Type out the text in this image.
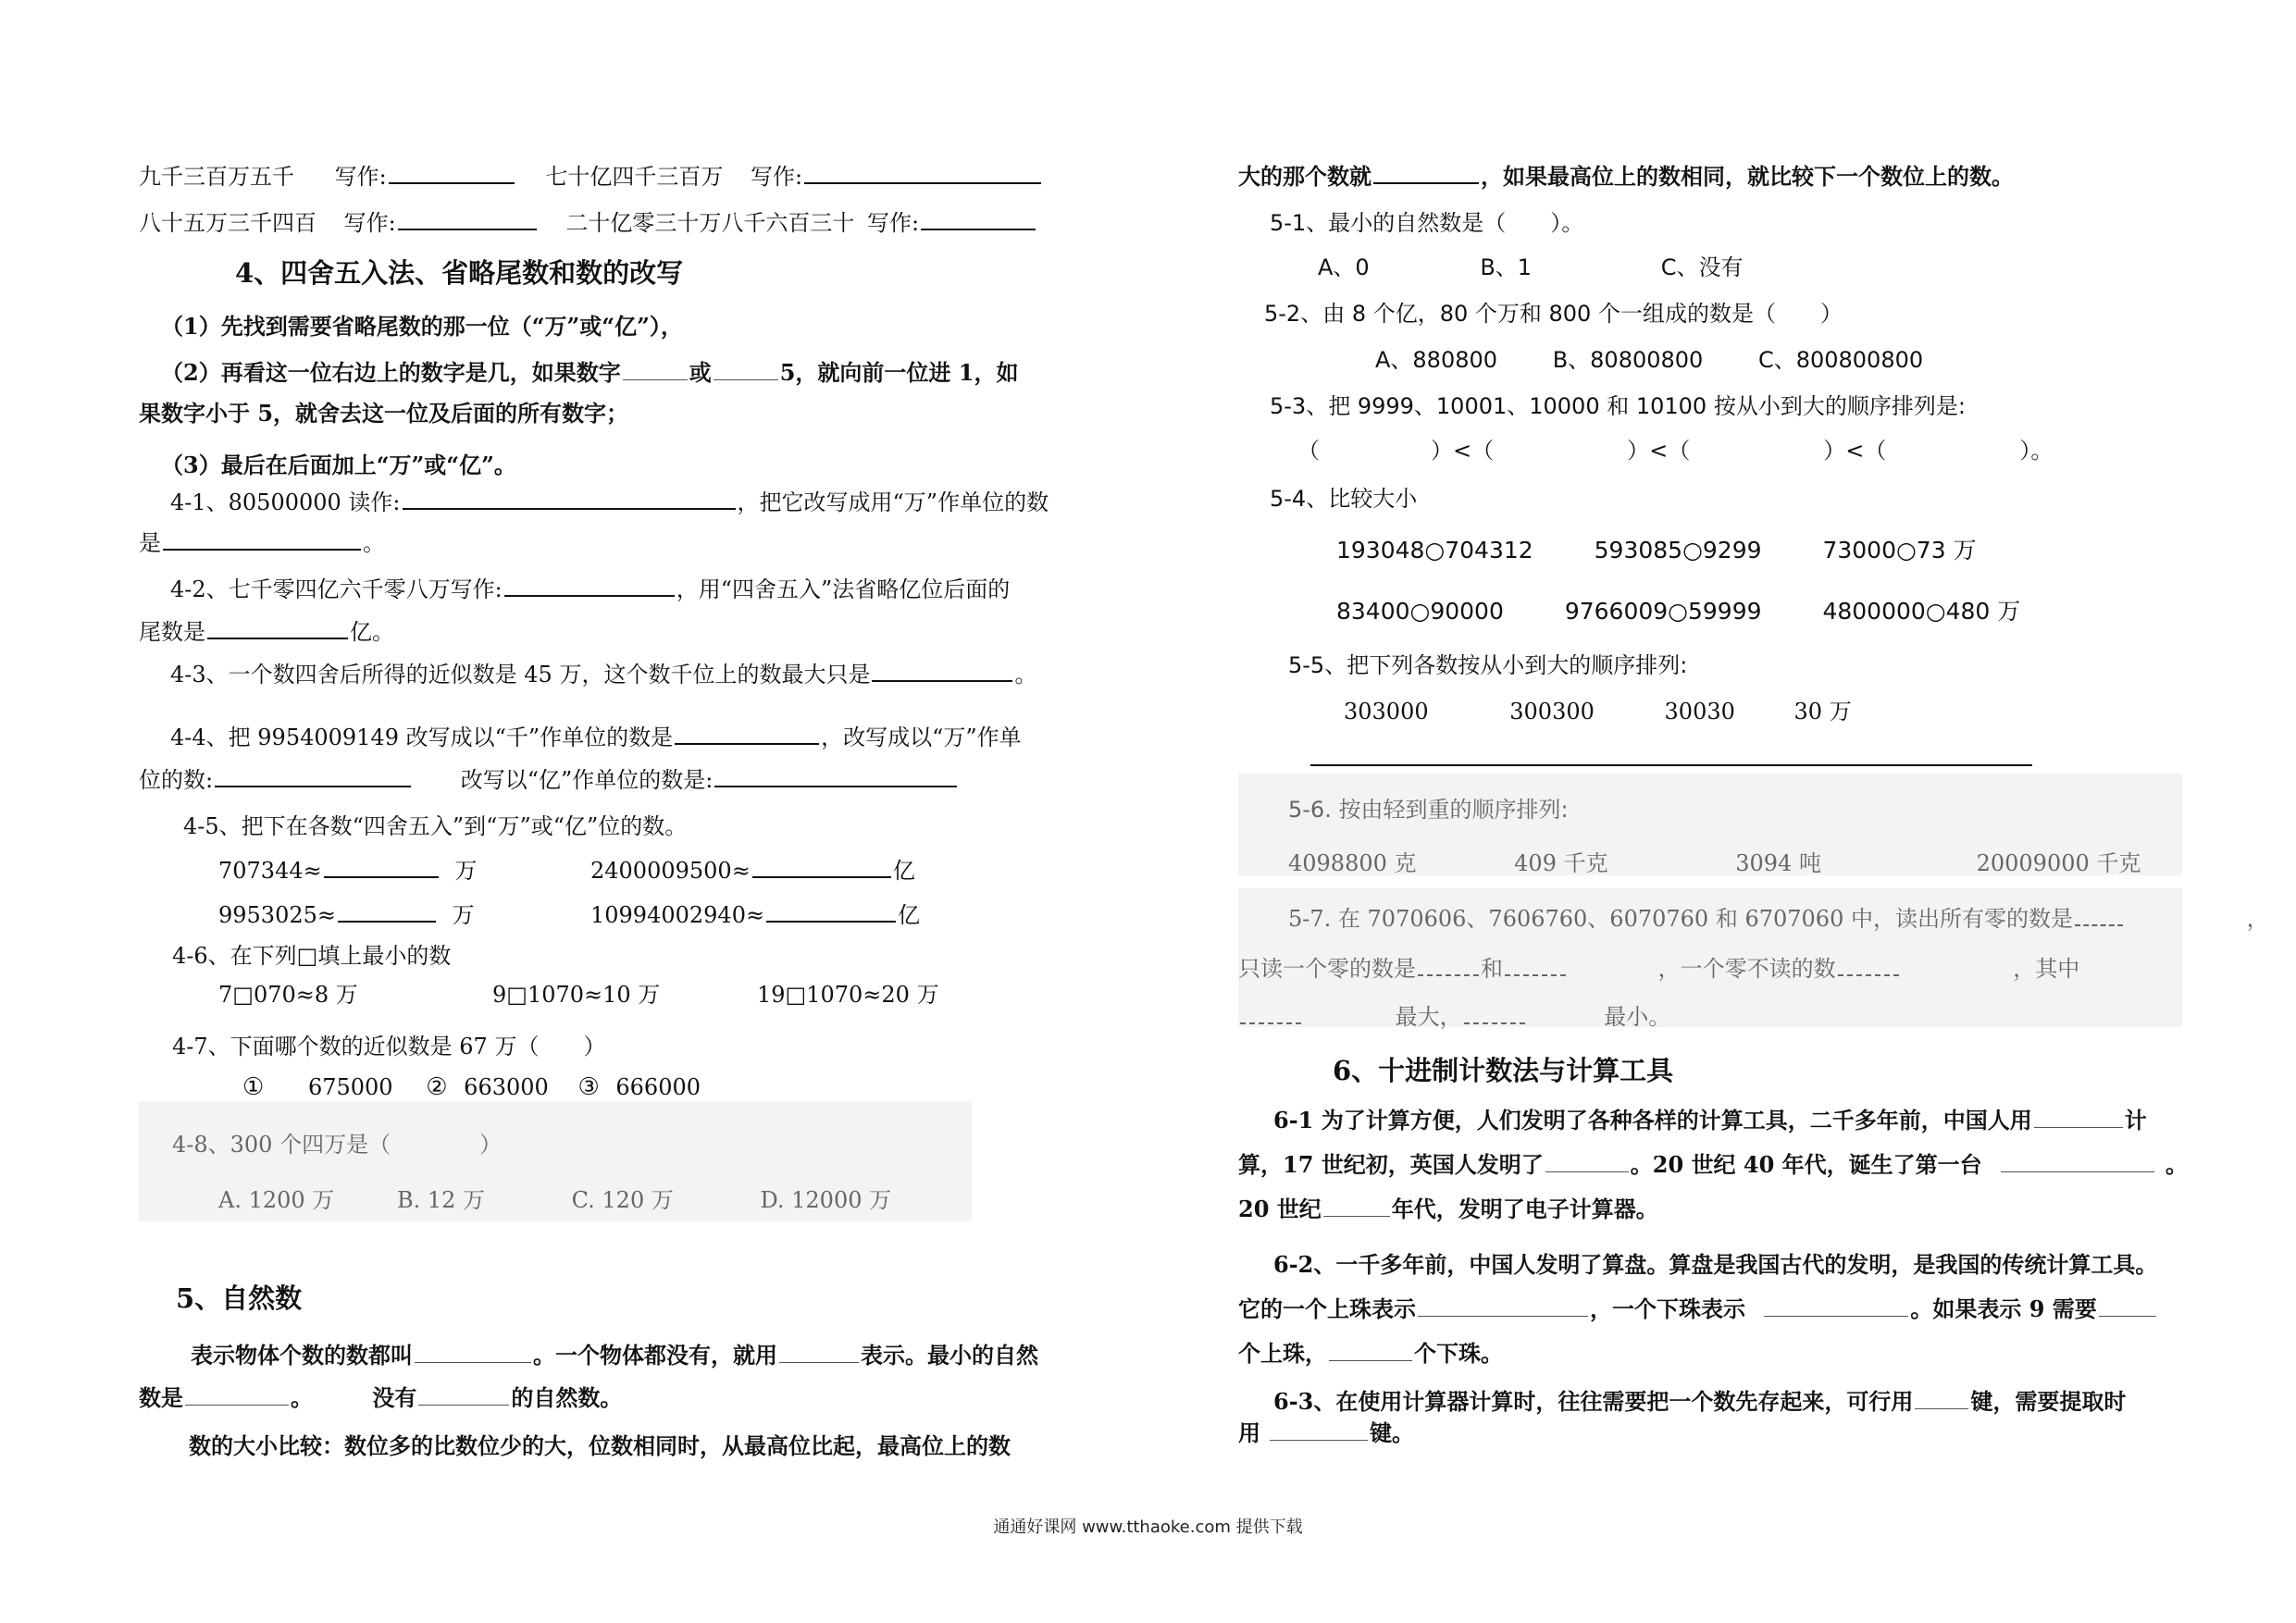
九千三百万五千 写作:	七十亿四千三百万 写作:
八十五万三千四百 写作:	二十亿零三十万八千六百三十 写作:
4、四舍五入法、省略尾数和数的改写
（1）先找到需要省略尾数的那一位（“万”或“亿”），
（2）再看这一位右边上的数字是几，如果数字	或	5，就向前一位进 1，如
果数字小于 5，就舍去这一位及后面的所有数字；
（3）最后在后面加上“万”或“亿”。
4-1、80500000 读作:	，把它改写成用“万”作单位的数
是	。
4-2、七千零四亿六千零八万写作:	，用“四舍五入”法省略亿位后面的
尾数是	亿。
4-3、一个数四舍后所得的近似数是 45 万，这个数千位上的数最大只是	。
4-4、把 9954009149 改写成以“千”作单位的数是	，改写成以“万”作单
位的数:	改写以“亿”作单位的数是:
4-5、把下在各数“四舍五入”到“万”或“亿”位的数。
707344≈	万	2400009500≈	亿
9953025≈	万	10994002940≈	亿
4-6、在下列□填上最小的数
7□070≈8 万	9□1070≈10 万	19□1070≈20 万
4-7、下面哪个数的近似数是 67 万（　　）
① 675000 ② 663000 ③ 666000
4-8、300 个四万是（　　　　）
A. 1200 万	B. 12 万	C. 120 万	D. 12000 万
5、自然数
表示物体个数的数都叫	。一个物体都没有，就用	表示。最小的自然
数是	。	没有	的自然数。
数的大小比较：数位多的比数位少的大，位数相同时，从最高位比起，最高位上的数
大的那个数就	，如果最高位上的数相同，就比较下一个数位上的数。
5-1、最小的自然数是（　　）。
A、0	B、1	C、没有
5-2、由 8 个亿，80 个万和 800 个一组成的数是（　　）
A、880800 B、80800800 C、800800800
5-3、把 9999、10001、10000 和 10100 按从小到大的顺序排列是:
（　　　　　）<（　　　　　　）<（　　　　　　）<（　　　　　　）。
5-4、比较大小
193048○704312	593085○9299	73000○73 万
83400○90000	9766009○59999	4800000○480 万
5-5、把下列各数按从小到大的顺序排列:
303000	300300	30030	30 万
5-6. 按由轻到重的顺序排列:
4098800 克	409 千克	3094 吨	20009000 千克
5-7. 在 7070606、7606760、6070760 和 6707060 中，读出所有零的数是	，
只读一个零的数是	和	，一个零不读的数	，其中
最大，	最小。
6、十进制计数法与计算工具
6-1 为了计算方便，人们发明了各种各样的计算工具，二千多年前，中国人用	计
算，17 世纪初，英国人发明了	。20 世纪 40 年代，诞生了第一台	。
20 世纪	年代，发明了电子计算器。
6-2、一千多年前，中国人发明了算盘。算盘是我国古代的发明，是我国的传统计算工具。
它的一个上珠表示	，一个下珠表示	。如果表示 9 需要
个上珠，	个下珠。
6-3、在使用计算器计算时，往往需要把一个数先存起来，可行用	键，需要提取时
用	键。
通通好课网 www.tthaoke.com 提供下载
